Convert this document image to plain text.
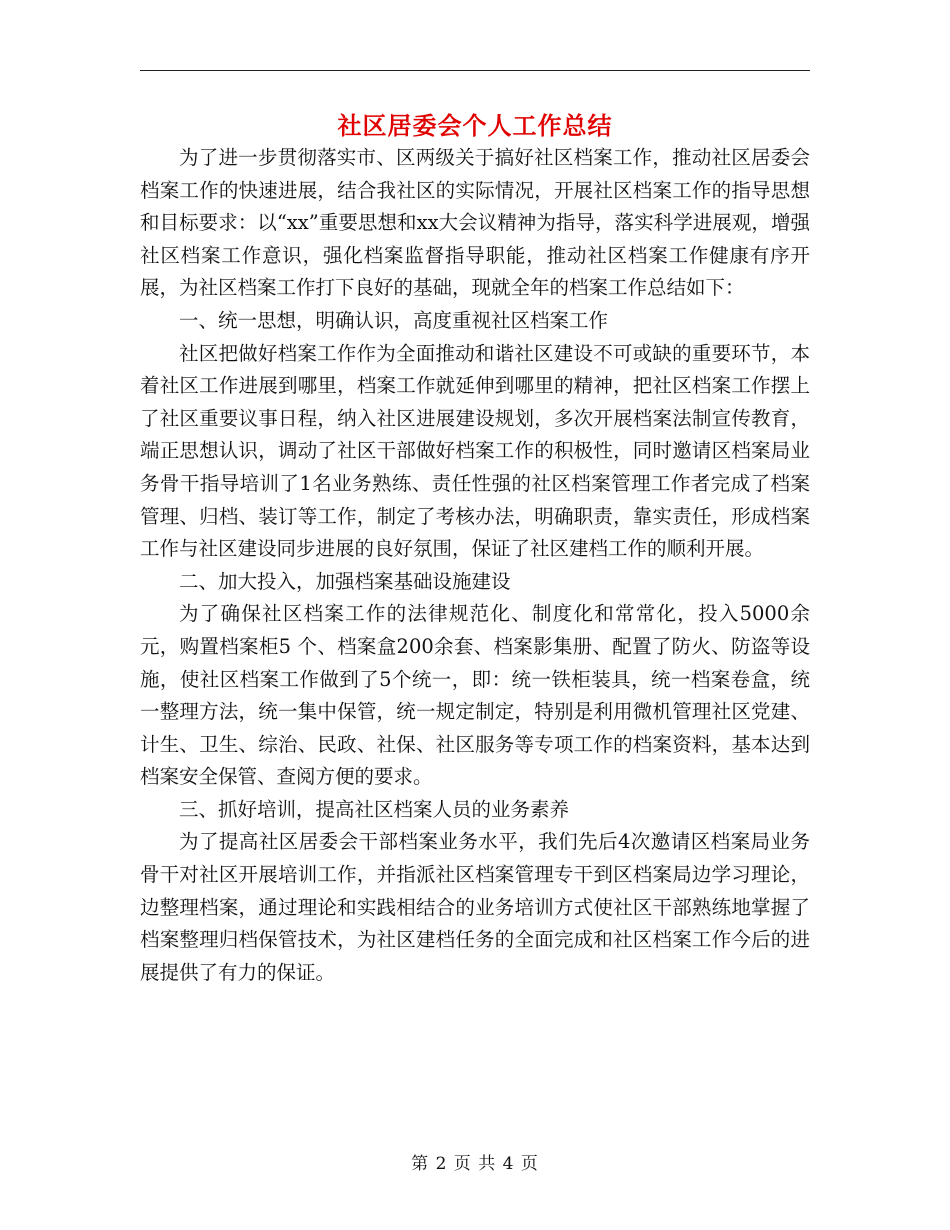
社区居委会个人工作总结

为了进一步贯彻落实市、区两级关于搞好社区档案工作，推动社区居委会档案工作的快速进展，结合我社区的实际情况，开展社区档案工作的指导思想和目标要求：以“xx”重要思想和xx大会议精神为指导，落实科学进展观，增强社区档案工作意识，强化档案监督指导职能，推动社区档案工作健康有序开展，为社区档案工作打下良好的基础，现就全年的档案工作总结如下：

一、统一思想，明确认识，高度重视社区档案工作

社区把做好档案工作作为全面推动和谐社区建设不可或缺的重要环节，本着社区工作进展到哪里，档案工作就延伸到哪里的精神，把社区档案工作摆上了社区重要议事日程，纳入社区进展建设规划，多次开展档案法制宣传教育，端正思想认识，调动了社区干部做好档案工作的积极性，同时邀请区档案局业务骨干指导培训了1名业务熟练、责任性强的社区档案管理工作者完成了档案管理、归档、装订等工作，制定了考核办法，明确职责，靠实责任，形成档案工作与社区建设同步进展的良好氛围，保证了社区建档工作的顺利开展。

二、加大投入，加强档案基础设施建设

为了确保社区档案工作的法律规范化、制度化和常常化，投入5000余元，购置档案柜5 个、档案盒200余套、档案影集册、配置了防火、防盗等设施，使社区档案工作做到了5个统一，即：统一铁柜装具，统一档案卷盒，统一整理方法，统一集中保管，统一规定制定，特别是利用微机管理社区党建、计生、卫生、综治、民政、社保、社区服务等专项工作的档案资料，基本达到档案安全保管、查阅方便的要求。

三、抓好培训，提高社区档案人员的业务素养

为了提高社区居委会干部档案业务水平，我们先后4次邀请区档案局业务骨干对社区开展培训工作，并指派社区档案管理专干到区档案局边学习理论，边整理档案，通过理论和实践相结合的业务培训方式使社区干部熟练地掌握了档案整理归档保管技术，为社区建档任务的全面完成和社区档案工作今后的进展提供了有力的保证。

第 2 页 共 4 页
